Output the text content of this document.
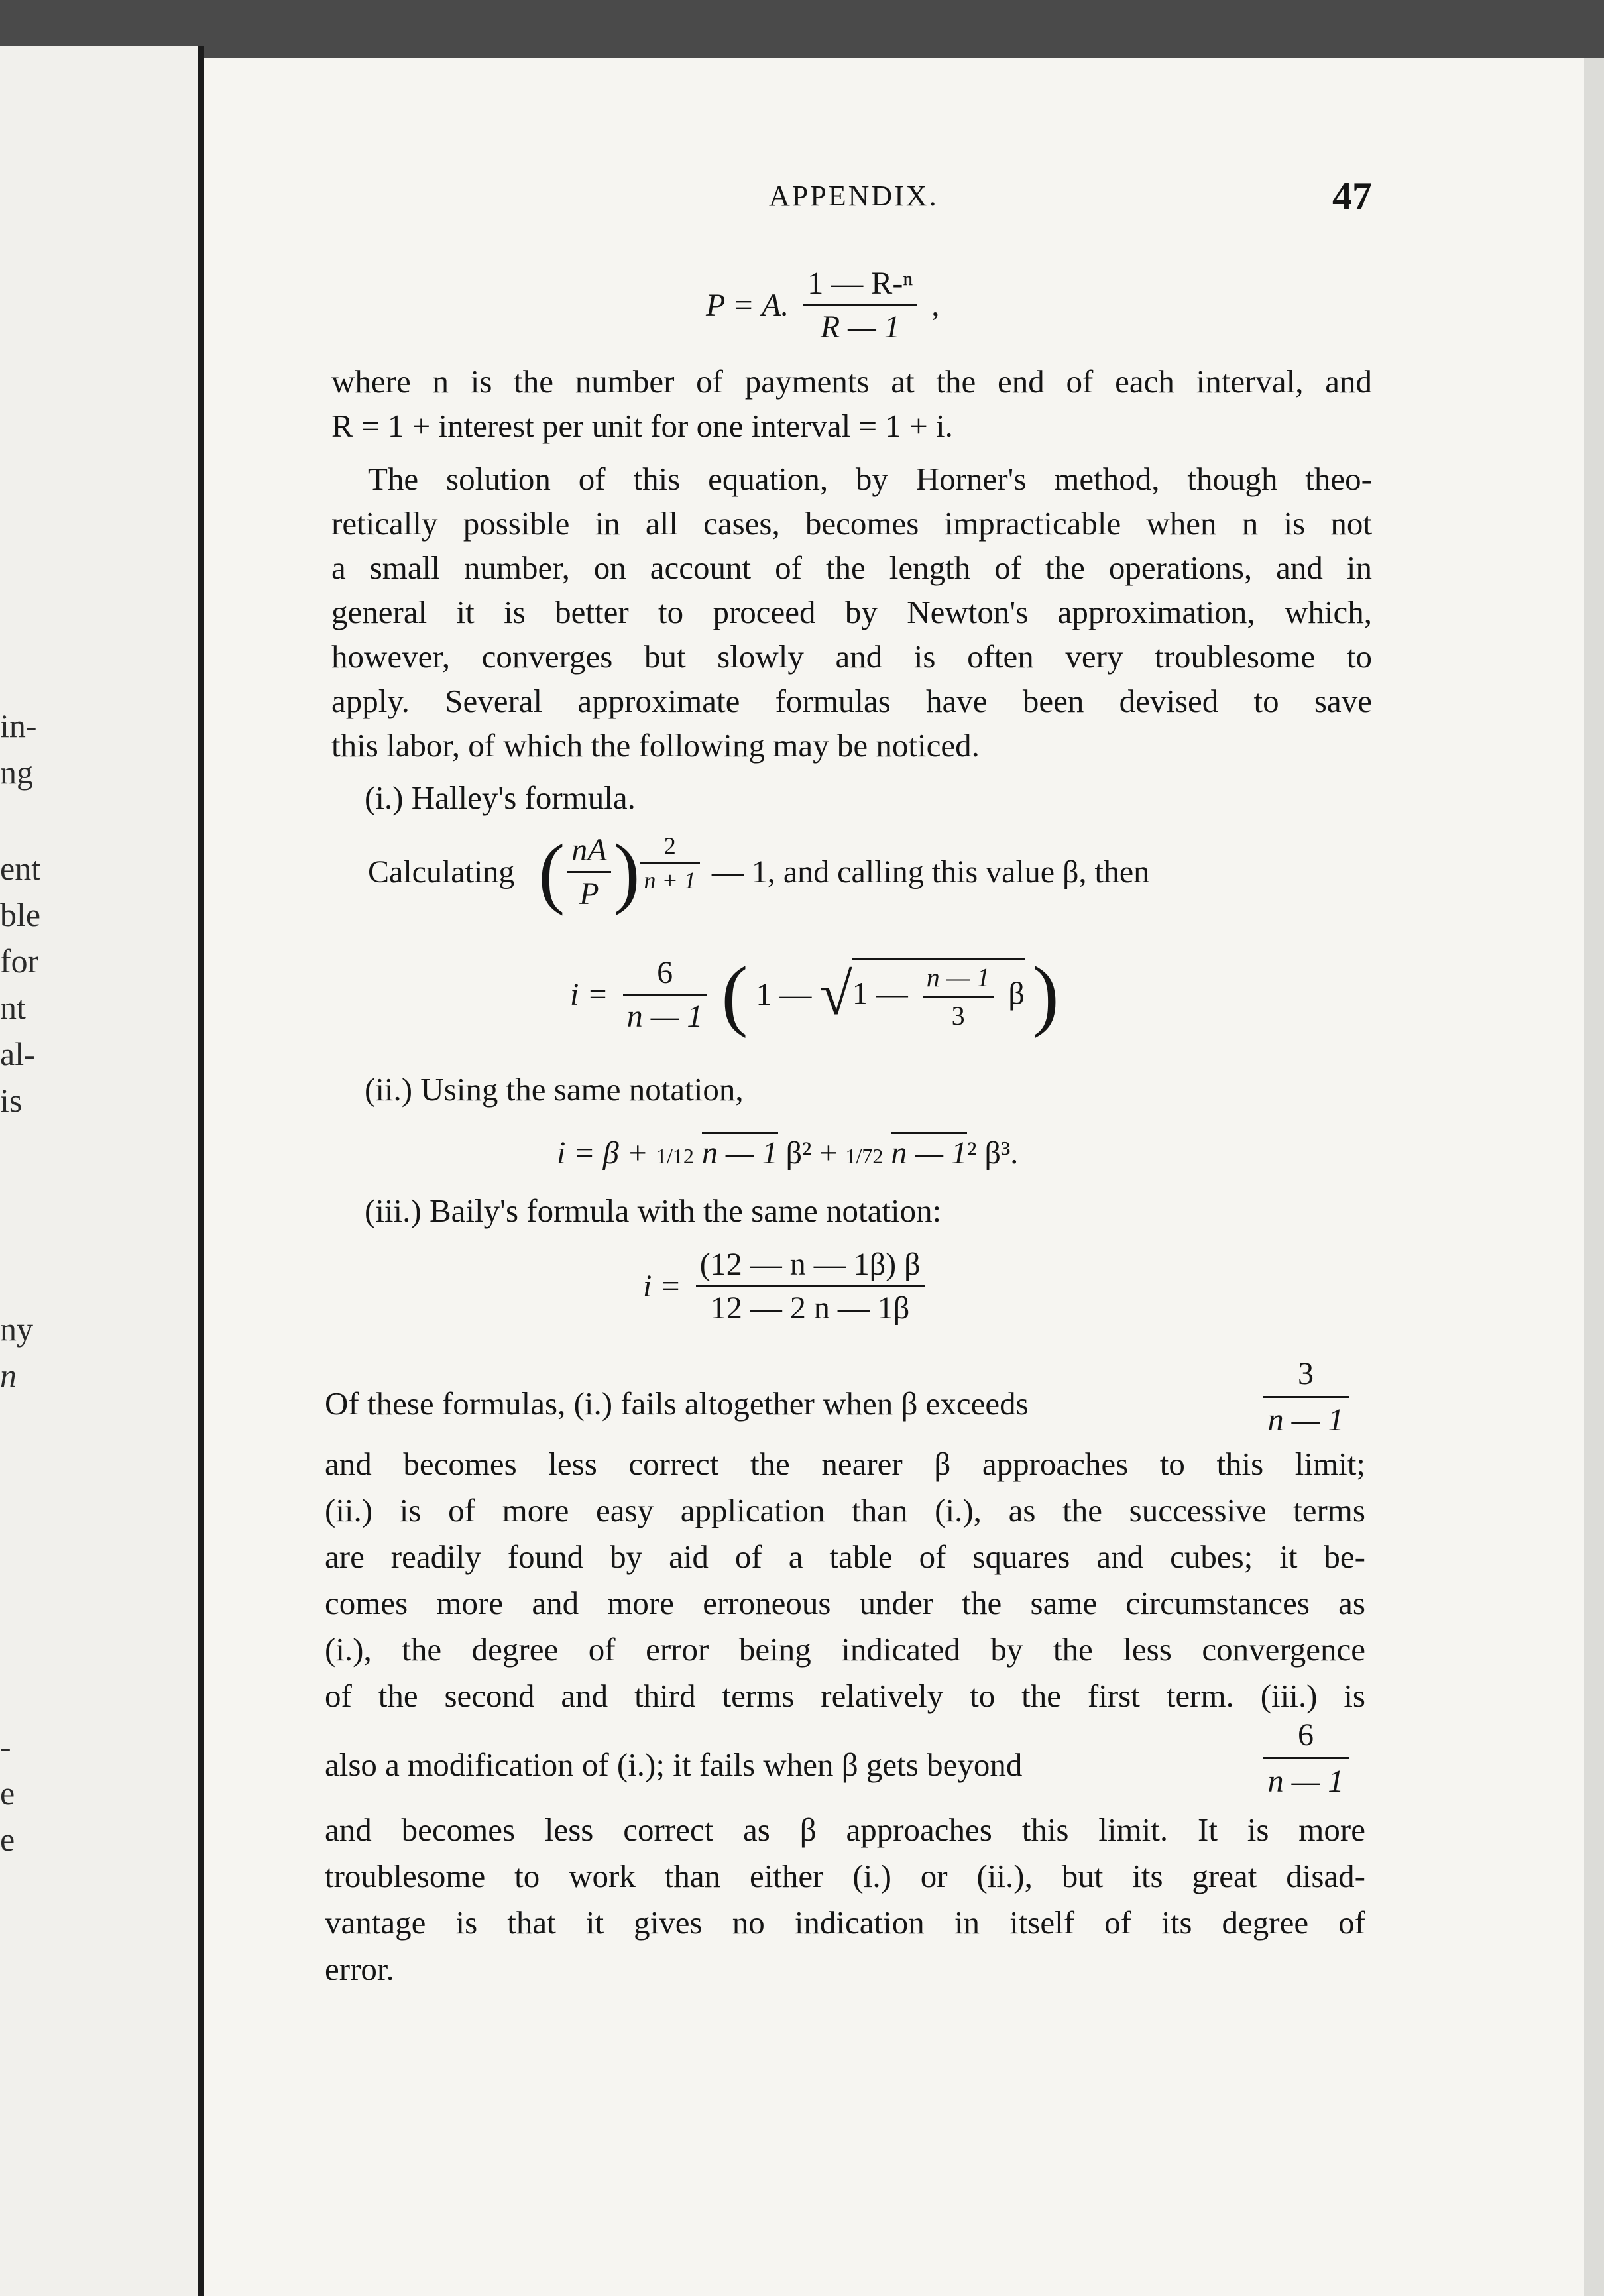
in-
ng
ent
ble
for
nt
al-
is
ny
n
-
e
e
APPENDIX.	47
P = A. $\frac{\text{1 — R-ⁿ}}{R — 1}$ ,
where n is the number of payments at the end of each interval, and
R = 1 + interest per unit for one interval = 1 + i.
The solution of this equation, by Horner's method, though theo-
retically possible in all cases, becomes impracticable when n is not
a small number, on account of the length of the operations, and in
general it is better to proceed by Newton's approximation, which,
however, converges but slowly and is often very troublesome to
apply. Several approximate formulas have been devised to save
this labor, of which the following may be noticed.
(i.) Halley's formula.
Calculating ( $\frac{nA}{P}$ ) $\frac{2}{n + 1}$ — 1, and calling this value β, then
$i = \frac{6}{n — 1}$ ( 1 — √1 — $\frac{n — 1}{3}$ β )
(ii.) Using the same notation,
i = β + 1/12 n — 1 β² + 1/72 n — 1² β³.
(iii.) Baily's formula with the same notation:
$i = \frac{(12 — n — 1\beta) \beta}{12 — 2 n — 1\beta}$
Of these formulas, (i.) fails altogether when β exceeds	$\frac{3}{n — 1}$
and becomes less correct the nearer β approaches to this limit;
(ii.) is of more easy application than (i.), as the successive terms
are readily found by aid of a table of squares and cubes; it be-
comes more and more erroneous under the same circumstances as
(i.), the degree of error being indicated by the less convergence
of the second and third terms relatively to the first term. (iii.) is
also a modification of (i.); it fails when β gets beyond	$\frac{6}{n — 1}$
and becomes less correct as β approaches this limit. It is more
troublesome to work than either (i.) or (ii.), but its great disad-
vantage is that it gives no indication in itself of its degree of
error.
